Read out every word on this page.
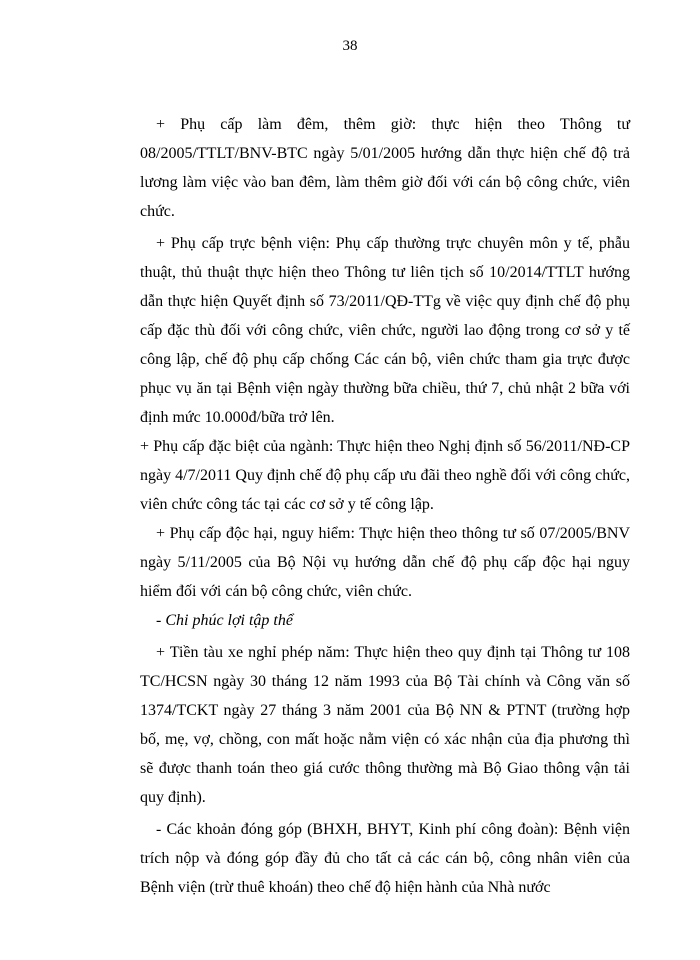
38

+ Phụ cấp làm đêm, thêm giờ: thực hiện theo Thông tư 08/2005/TTLT/BNV-BTC ngày 5/01/2005 hướng dẫn thực hiện chế độ trả lương làm việc vào ban đêm, làm thêm giờ đối với cán bộ công chức, viên chức.

+ Phụ cấp trực bệnh viện: Phụ cấp thường trực chuyên môn y tế, phẫu thuật, thủ thuật thực hiện theo Thông tư liên tịch số 10/2014/TTLT hướng dẫn thực hiện Quyết định số 73/2011/QĐ-TTg về việc quy định chế độ phụ cấp đặc thù đối với công chức, viên chức, người lao động trong cơ sở y tế công lập, chế độ phụ cấp chống Các cán bộ, viên chức tham gia trực được phục vụ ăn tại Bệnh viện ngày thường bữa chiều, thứ 7, chủ nhật 2 bữa với định mức 10.000đ/bữa trở lên.

+ Phụ cấp đặc biệt của ngành: Thực hiện theo Nghị định số 56/2011/NĐ-CP ngày 4/7/2011 Quy định chế độ phụ cấp ưu đãi theo nghề đối với công chức, viên chức công tác tại các cơ sở y tế công lập.

+ Phụ cấp độc hại, nguy hiểm: Thực hiện theo thông tư số 07/2005/BNV ngày 5/11/2005 của Bộ Nội vụ hướng dẫn chế độ phụ cấp độc hại nguy hiểm đối với cán bộ công chức, viên chức.

- Chi phúc lợi tập thể

+ Tiền tàu xe nghỉ phép năm: Thực hiện theo quy định tại Thông tư 108 TC/HCSN ngày 30 tháng 12 năm 1993 của Bộ Tài chính và Công văn số 1374/TCKT ngày 27 tháng 3 năm 2001 của Bộ NN & PTNT (trường hợp bố, mẹ, vợ, chồng, con mất hoặc nằm viện có xác nhận của địa phương thì sẽ được thanh toán theo giá cước thông thường mà Bộ Giao thông vận tải quy định).

- Các khoản đóng góp (BHXH, BHYT, Kinh phí công đoàn): Bệnh viện trích nộp và đóng góp đầy đủ cho tất cả các cán bộ, công nhân viên của Bệnh viện (trừ thuê khoán) theo chế độ hiện hành của Nhà nước
